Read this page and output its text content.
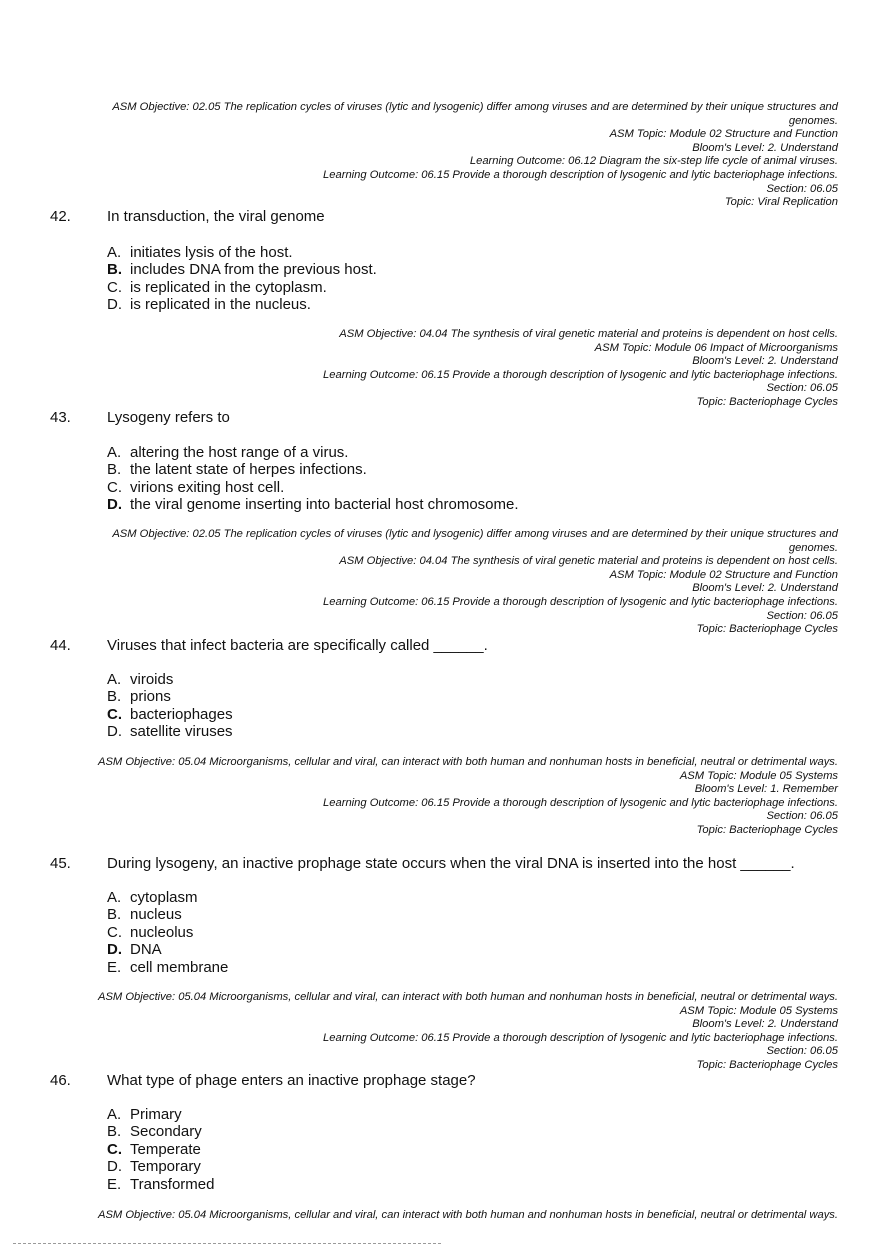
ASM Objective: 02.05 The replication cycles of viruses (lytic and lysogenic) differ among viruses and are determined by their unique structures and
genomes.
ASM Topic: Module 02 Structure and Function
Bloom's Level: 2. Understand
Learning Outcome: 06.12 Diagram the six-step life cycle of animal viruses.
Learning Outcome: 06.15 Provide a thorough description of lysogenic and lytic bacteriophage infections.
Section: 06.05
Topic: Viral Replication
42. In transduction, the viral genome
A. initiates lysis of the host.
B. includes DNA from the previous host.
C. is replicated in the cytoplasm.
D. is replicated in the nucleus.
ASM Objective: 04.04 The synthesis of viral genetic material and proteins is dependent on host cells.
ASM Topic: Module 06 Impact of Microorganisms
Bloom's Level: 2. Understand
Learning Outcome: 06.15 Provide a thorough description of lysogenic and lytic bacteriophage infections.
Section: 06.05
Topic: Bacteriophage Cycles
43. Lysogeny refers to
A. altering the host range of a virus.
B. the latent state of herpes infections.
C. virions exiting host cell.
D. the viral genome inserting into bacterial host chromosome.
ASM Objective: 02.05 The replication cycles of viruses (lytic and lysogenic) differ among viruses and are determined by their unique structures and
genomes.
ASM Objective: 04.04 The synthesis of viral genetic material and proteins is dependent on host cells.
ASM Topic: Module 02 Structure and Function
Bloom's Level: 2. Understand
Learning Outcome: 06.15 Provide a thorough description of lysogenic and lytic bacteriophage infections.
Section: 06.05
Topic: Bacteriophage Cycles
44. Viruses that infect bacteria are specifically called ______.
A. viroids
B. prions
C. bacteriophages
D. satellite viruses
ASM Objective: 05.04 Microorganisms, cellular and viral, can interact with both human and nonhuman hosts in beneficial, neutral or detrimental ways.
ASM Topic: Module 05 Systems
Bloom's Level: 1. Remember
Learning Outcome: 06.15 Provide a thorough description of lysogenic and lytic bacteriophage infections.
Section: 06.05
Topic: Bacteriophage Cycles
45. During lysogeny, an inactive prophage state occurs when the viral DNA is inserted into the host ______.
A. cytoplasm
B. nucleus
C. nucleolus
D. DNA
E. cell membrane
ASM Objective: 05.04 Microorganisms, cellular and viral, can interact with both human and nonhuman hosts in beneficial, neutral or detrimental ways.
ASM Topic: Module 05 Systems
Bloom's Level: 2. Understand
Learning Outcome: 06.15 Provide a thorough description of lysogenic and lytic bacteriophage infections.
Section: 06.05
Topic: Bacteriophage Cycles
46. What type of phage enters an inactive prophage stage?
A. Primary
B. Secondary
C. Temperate
D. Temporary
E. Transformed
ASM Objective: 05.04 Microorganisms, cellular and viral, can interact with both human and nonhuman hosts in beneficial, neutral or detrimental ways.
